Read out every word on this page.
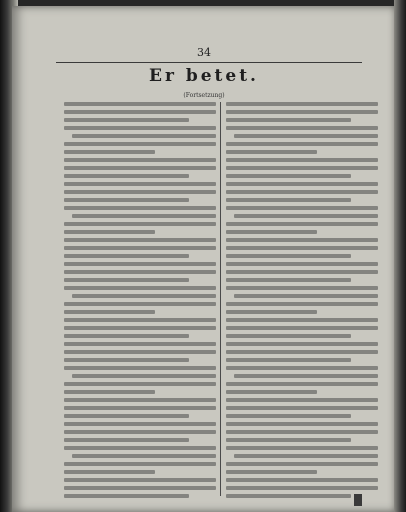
34
Er betet.
(Fortsetzung)
